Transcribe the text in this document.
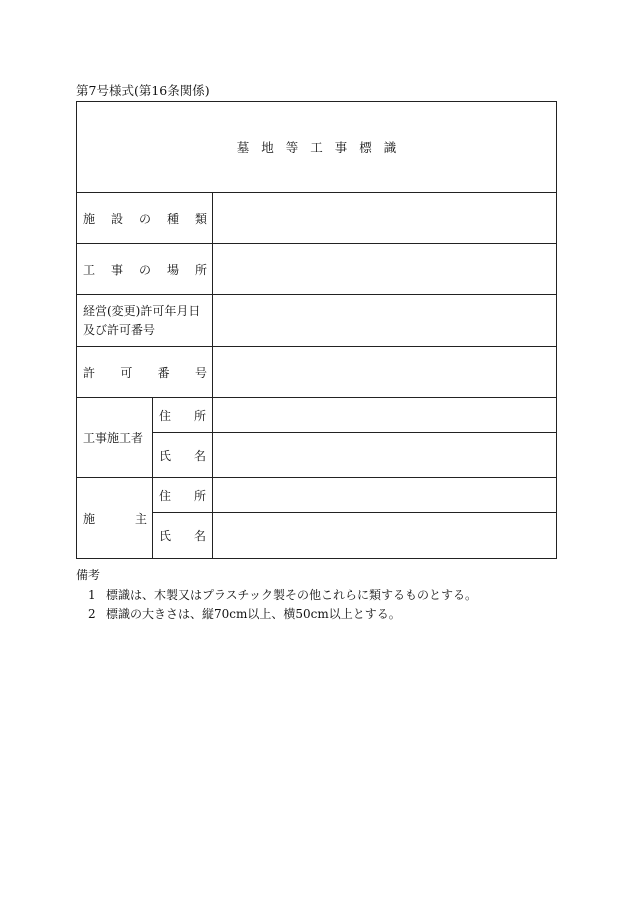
第7号様式(第16条関係)
墓地等工事標識		

施 設 の 種 類		

工 事 の 場 所		

経営(変更)許可年月日
及び許可番号		

許 可 番 号		

工事施工者	住 所	

	氏 名	

施 主	住 所	

	氏 名	

備考
1 標識は、木製又はプラスチック製その他これらに類するものとする。
2 標識の大きさは、縦70cm以上、横50cm以上とする。
